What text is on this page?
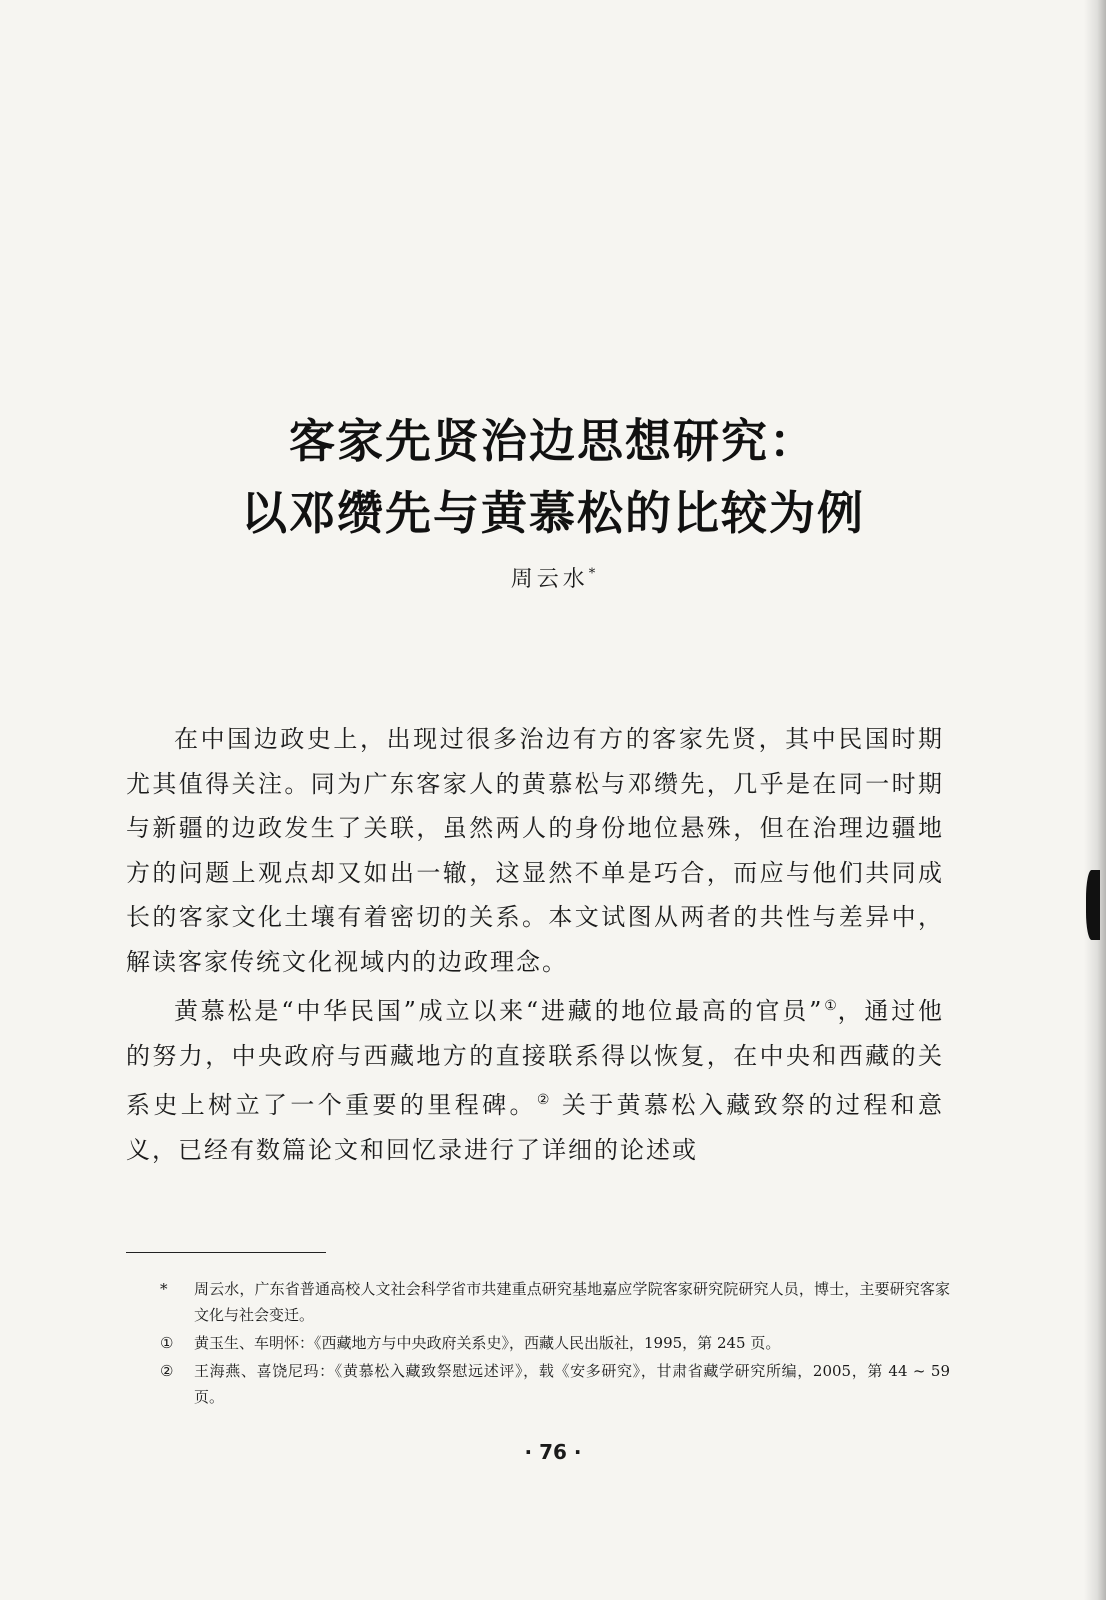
客家先贤治边思想研究：
以邓缵先与黄慕松的比较为例
周云水*

在中国边政史上，出现过很多治边有方的客家先贤，其中民国时期尤其值得关注。同为广东客家人的黄慕松与邓缵先，几乎是在同一时期与新疆的边政发生了关联，虽然两人的身份地位悬殊，但在治理边疆地方的问题上观点却又如出一辙，这显然不单是巧合，而应与他们共同成长的客家文化土壤有着密切的关系。本文试图从两者的共性与差异中，解读客家传统文化视域内的边政理念。

黄慕松是“中华民国”成立以来“进藏的地位最高的官员”①，通过他的努力，中央政府与西藏地方的直接联系得以恢复，在中央和西藏的关系史上树立了一个重要的里程碑。② 关于黄慕松入藏致祭的过程和意义，已经有数篇论文和回忆录进行了详细的论述或

*	周云水，广东省普通高校人文社会科学省市共建重点研究基地嘉应学院客家研究院研究人员，博士，主要研究客家文化与社会变迁。
①	黄玉生、车明怀：《西藏地方与中央政府关系史》，西藏人民出版社，1995，第 245 页。
②	王海燕、喜饶尼玛：《黄慕松入藏致祭慰远述评》，载《安多研究》，甘肃省藏学研究所编，2005，第 44 ~ 59 页。
· 76 ·
